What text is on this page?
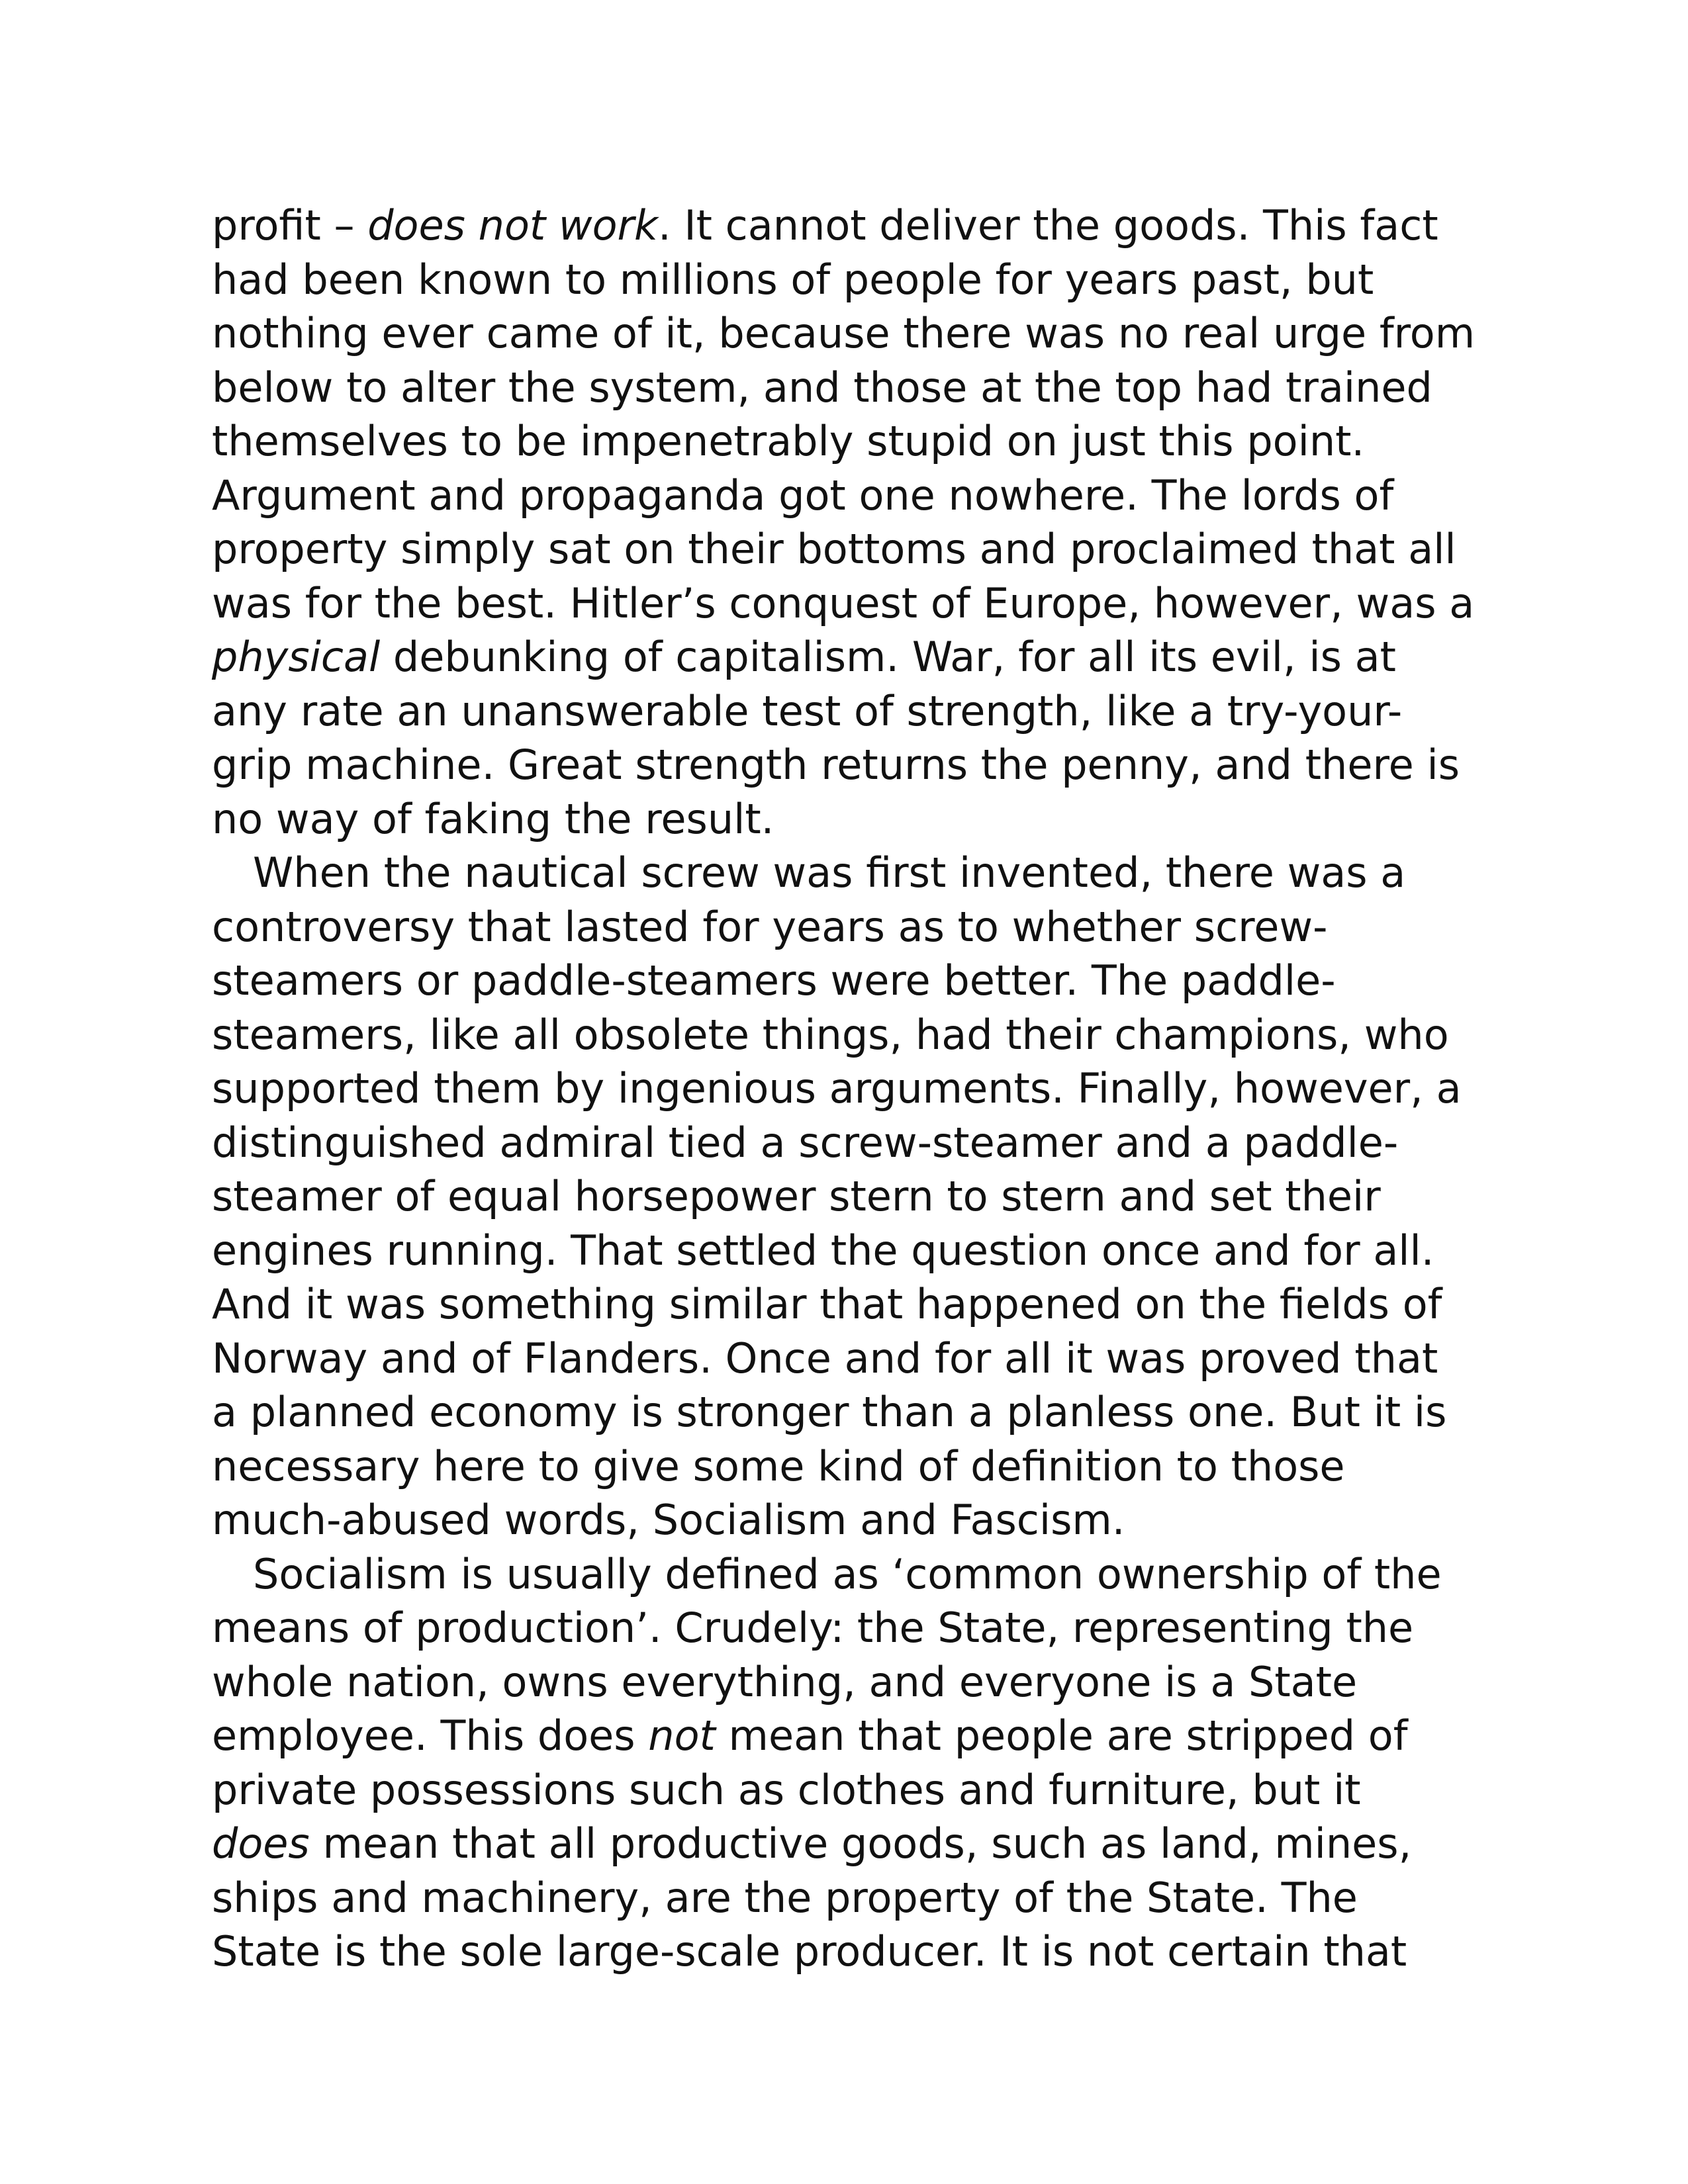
profit – does not work. It cannot deliver the goods. This fact
had been known to millions of people for years past, but
nothing ever came of it, because there was no real urge from
below to alter the system, and those at the top had trained
themselves to be impenetrably stupid on just this point.
Argument and propaganda got one nowhere. The lords of
property simply sat on their bottoms and proclaimed that all
was for the best. Hitler’s conquest of Europe, however, was a
physical debunking of capitalism. War, for all its evil, is at
any rate an unanswerable test of strength, like a try-your-
grip machine. Great strength returns the penny, and there is
no way of faking the result.
When the nautical screw was first invented, there was a
controversy that lasted for years as to whether screw-
steamers or paddle-steamers were better. The paddle-
steamers, like all obsolete things, had their champions, who
supported them by ingenious arguments. Finally, however, a
distinguished admiral tied a screw-steamer and a paddle-
steamer of equal horsepower stern to stern and set their
engines running. That settled the question once and for all.
And it was something similar that happened on the fields of
Norway and of Flanders. Once and for all it was proved that
a planned economy is stronger than a planless one. But it is
necessary here to give some kind of definition to those
much-abused words, Socialism and Fascism.
Socialism is usually defined as ‘common ownership of the
means of production’. Crudely: the State, representing the
whole nation, owns everything, and everyone is a State
employee. This does not mean that people are stripped of
private possessions such as clothes and furniture, but it
does mean that all productive goods, such as land, mines,
ships and machinery, are the property of the State. The
State is the sole large-scale producer. It is not certain that
